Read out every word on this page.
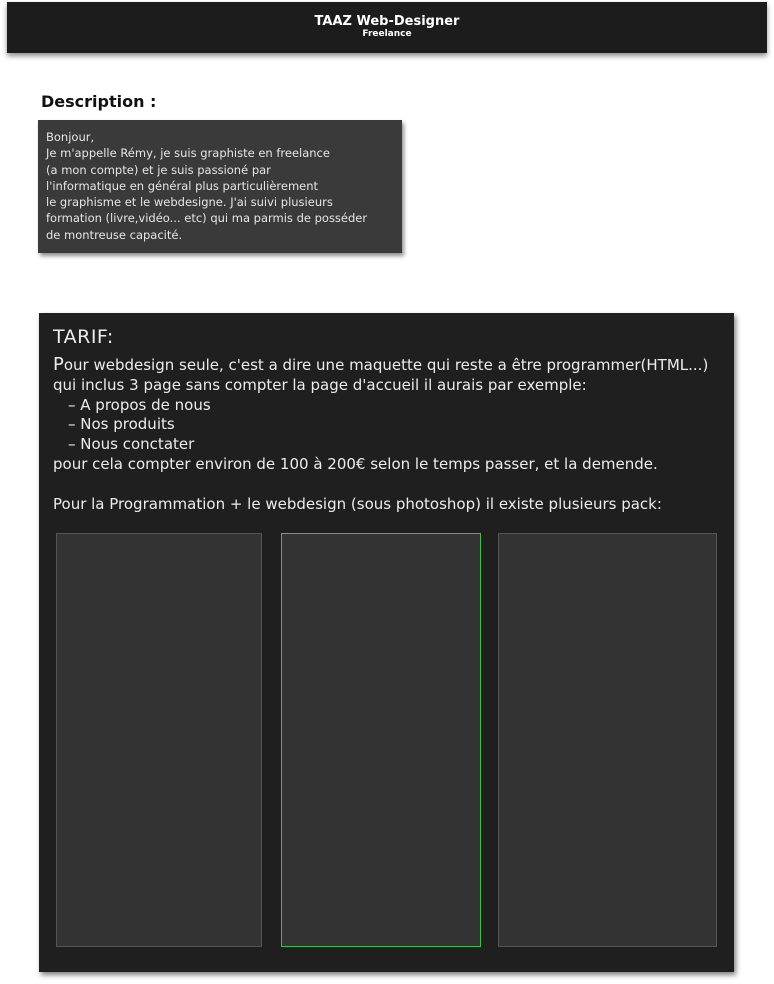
TAAZ Web-Designer
Freelance
Description :
Bonjour,
Je m'appelle Rémy, je suis graphiste en freelance
(a mon compte) et je suis passioné par
l'informatique en général plus particulièrement
le graphisme et le webdesigne. J'ai suivi plusieurs
formation (livre,vidéo... etc) qui ma parmis de posséder
de montreuse capacité.
TARIF:
Pour webdesign seule, c'est a dire une maquette qui reste a être programmer(HTML...)
qui inclus 3 page sans compter la page d'accueil il aurais par exemple:
– A propos de nous
– Nos produits
– Nous conctater
pour cela compter environ de 100 à 200€ selon le temps passer, et la demende.
Pour la Programmation + le webdesign (sous photoshop) il existe plusieurs pack:
